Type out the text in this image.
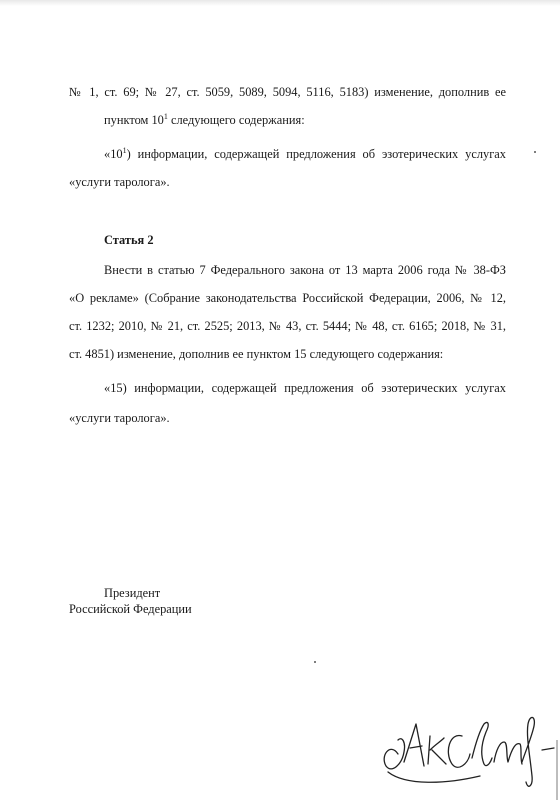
№ 1, ст. 69; № 27, ст. 5059, 5089, 5094, 5116, 5183) изменение, дополнив ее
пунктом $10^1$ следующего содержания:
«$10^1$) информации, содержащей предложения об эзотерических услугах
«услуги таролога».
Статья 2
Внести в статью 7 Федерального закона от 13 марта 2006 года № 38-ФЗ
«О рекламе» (Собрание законодательства Российской Федерации, 2006, № 12,
ст. 1232; 2010, № 21, ст. 2525; 2013, № 43, ст. 5444; № 48, ст. 6165; 2018, № 31,
ст. 4851) изменение, дополнив ее пунктом 15 следующего содержания:
«15) информации, содержащей предложения об эзотерических услугах
«услуги таролога».
Президент
Российской Федерации
